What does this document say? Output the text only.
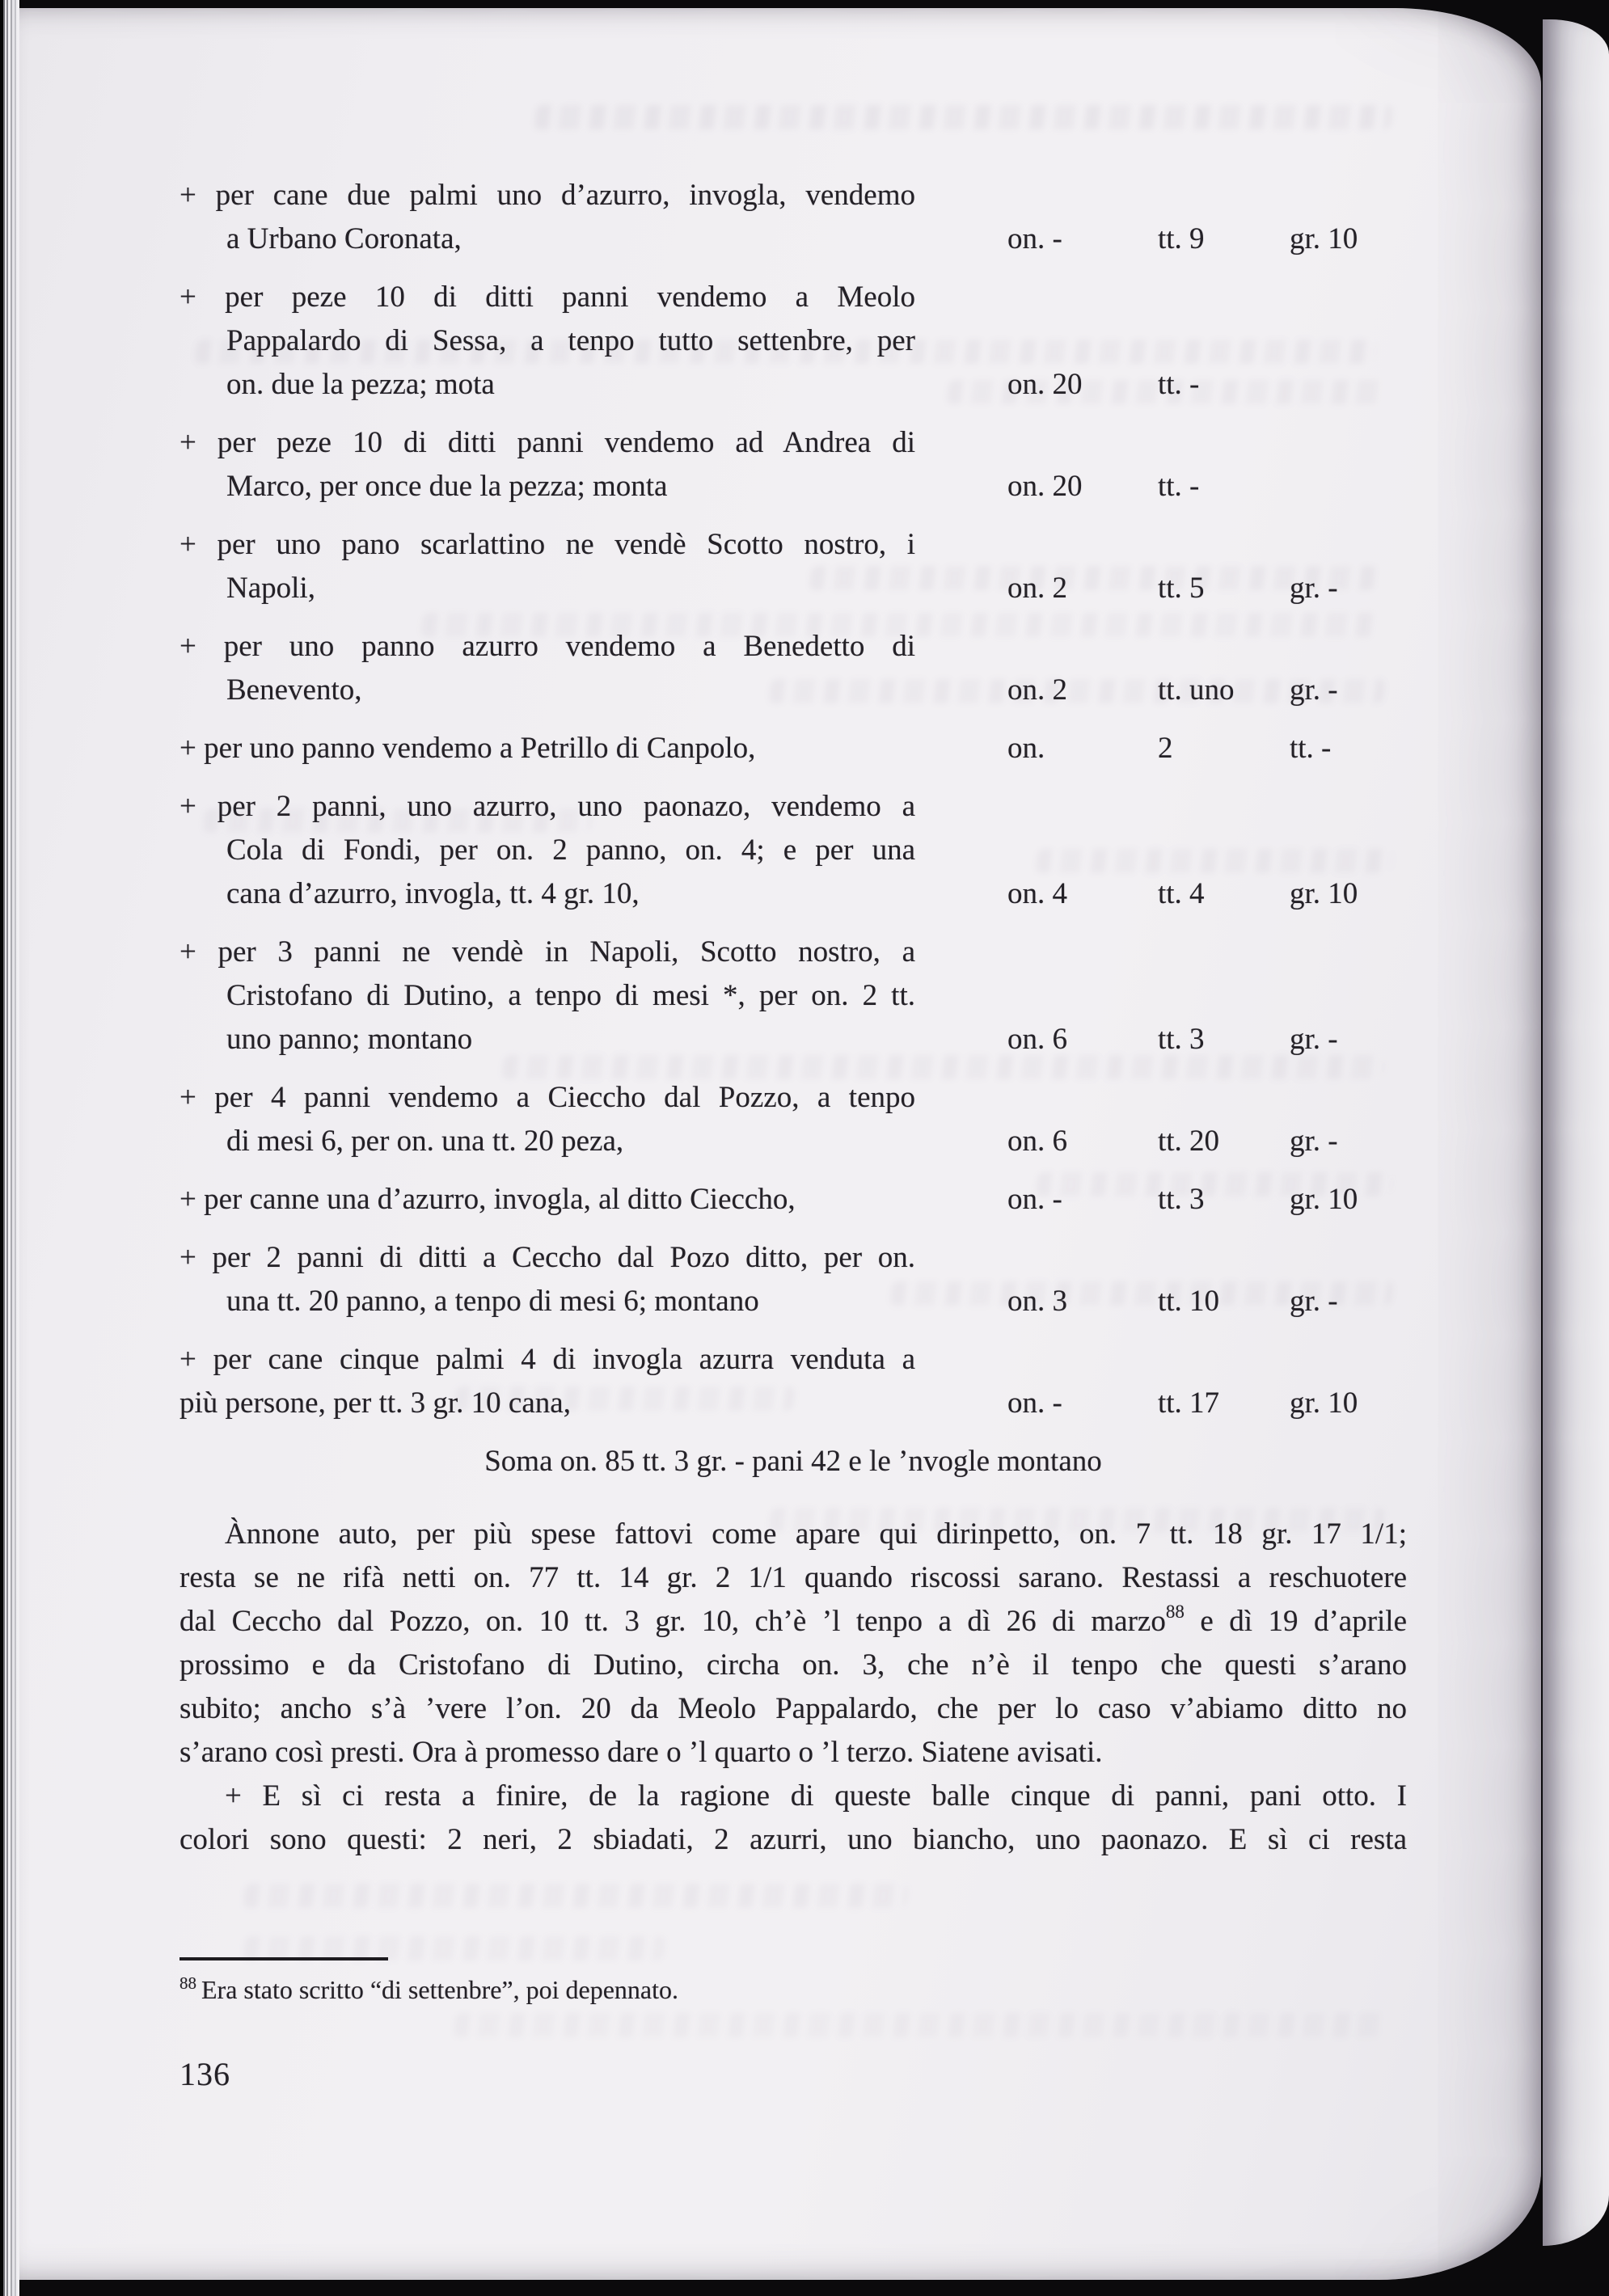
+ per cane due palmi uno d’azurro, invogla, vendemo
a Urbano Coronata,	on. -	tt. 9	gr. 10
+ per peze 10 di ditti panni vendemo a Meolo
Pappalardo di Sessa, a tenpo tutto settenbre, per
on. due la pezza; mota	on. 20	tt. -
+ per peze 10 di ditti panni vendemo ad Andrea di
Marco, per once due la pezza; monta	on. 20	tt. -
+ per uno pano scarlattino ne vendè Scotto nostro, i
Napoli,	on. 2	tt. 5	gr. -
+ per uno panno azurro vendemo a Benedetto di
Benevento,	on. 2	tt. uno gr. -
+ per uno panno vendemo a Petrillo di Canpolo,	on.	2	tt. -
+ per 2 panni, uno azurro, uno paonazo, vendemo a
Cola di Fondi, per on. 2 panno, on. 4; e per una
cana d’azurro, invogla, tt. 4 gr. 10,	on. 4	tt. 4	gr. 10
+ per 3 panni ne vendè in Napoli, Scotto nostro, a
Cristofano di Dutino, a tenpo di mesi *, per on. 2 tt.
uno panno; montano	on. 6	tt. 3	gr. -
+ per 4 panni vendemo a Cieccho dal Pozzo, a tenpo
di mesi 6, per on. una tt. 20 peza,	on. 6	tt. 20 gr. -
+ per canne una d’azurro, invogla, al ditto Cieccho,	on. -	tt. 3	gr. 10
+ per 2 panni di ditti a Ceccho dal Pozo ditto, per on.
una tt. 20 panno, a tenpo di mesi 6; montano	on. 3	tt. 10 gr. -
+ per cane cinque palmi 4 di invogla azurra venduta a
più persone, per tt. 3 gr. 10 cana,	on. -	tt. 17 gr. 10
Soma on. 85 tt. 3 gr. - pani 42 e le ’nvogle montano

Ànnone auto, per più spese fattovi come apare qui dirinpetto, on. 7 tt. 18 gr. 17 1/1;
resta se ne rifà netti on. 77 tt. 14 gr. 2 1/1 quando riscossi sarano. Restassi a reschuotere
dal Ceccho dal Pozzo, on. 10 tt. 3 gr. 10, ch’è ’l tenpo a dì 26 di marzo$^{88}$ e dì 19 d’aprile
prossimo e da Cristofano di Dutino, circha on. 3, che n’è il tenpo che questi s’arano
subito; ancho s’à ’vere l’on. 20 da Meolo Pappalardo, che per lo caso v’abiamo ditto no
s’arano così presti. Ora à promesso dare o ’l quarto o ’l terzo. Siatene avisati.

+ E sì ci resta a finire, de la ragione di queste balle cinque di panni, pani otto. I
colori sono questi: 2 neri, 2 sbiadati, 2 azurri, uno biancho, uno paonazo. E sì ci resta

$^{88}$ Era stato scritto “di settenbre”, poi depennato.
136
